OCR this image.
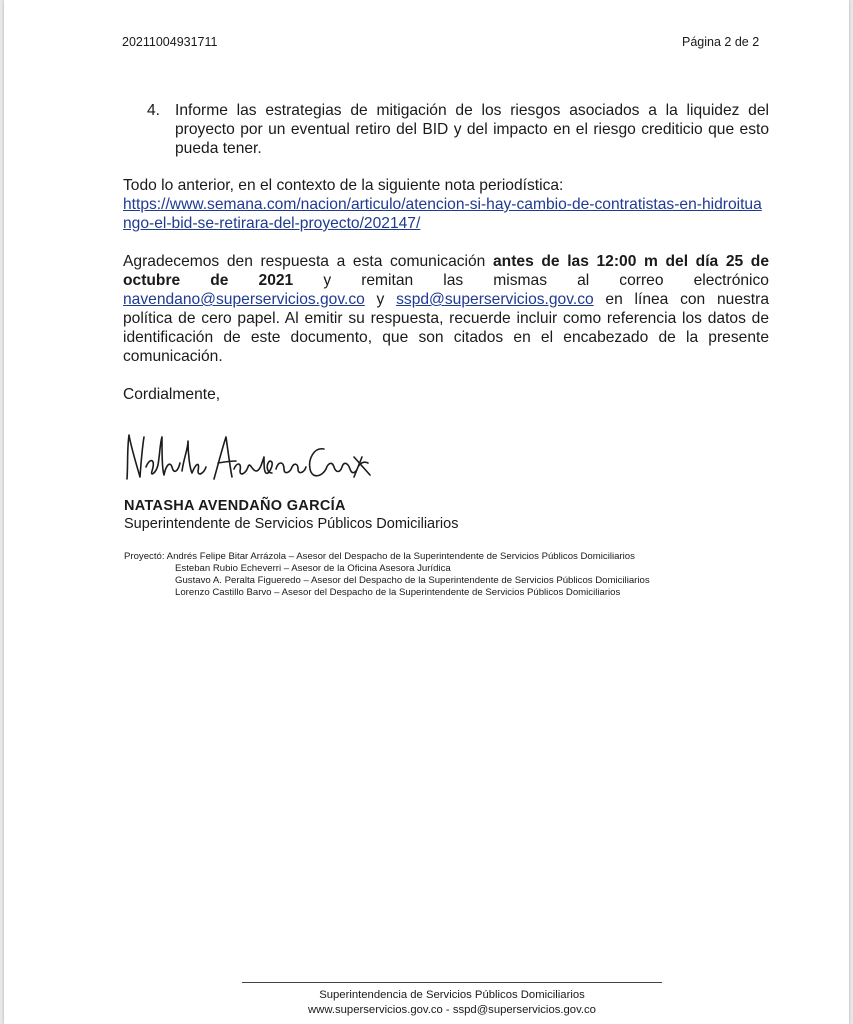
20211004931711	Página 2 de 2
4. Informe las estrategias de mitigación de los riesgos asociados a la liquidez del proyecto por un eventual retiro del BID y del impacto en el riesgo crediticio que esto pueda tener.
Todo lo anterior, en el contexto de la siguiente nota periodística:
https://www.semana.com/nacion/articulo/atencion-si-hay-cambio-de-contratistas-en-hidroituango-el-bid-se-retirara-del-proyecto/202147/
Agradecemos den respuesta a esta comunicación antes de las 12:00 m del día 25 de octubre de 2021 y remitan las mismas al correo electrónico navendano@superservicios.gov.co y sspd@superservicios.gov.co en línea con nuestra política de cero papel. Al emitir su respuesta, recuerde incluir como referencia los datos de identificación de este documento, que son citados en el encabezado de la presente comunicación.
Cordialmente,
NATASHA AVENDAÑO GARCÍA
Superintendente de Servicios Públicos Domiciliarios
Proyectó: Andrés Felipe Bitar Arrázola – Asesor del Despacho de la Superintendente de Servicios Públicos Domiciliarios
Esteban Rubio Echeverri – Asesor de la Oficina Asesora Jurídica
Gustavo A. Peralta Figueredo – Asesor del Despacho de la Superintendente de Servicios Públicos Domiciliarios
Lorenzo Castillo Barvo – Asesor del Despacho de la Superintendente de Servicios Públicos Domiciliarios
Superintendencia de Servicios Públicos Domiciliarios
www.superservicios.gov.co - sspd@superservicios.gov.co
